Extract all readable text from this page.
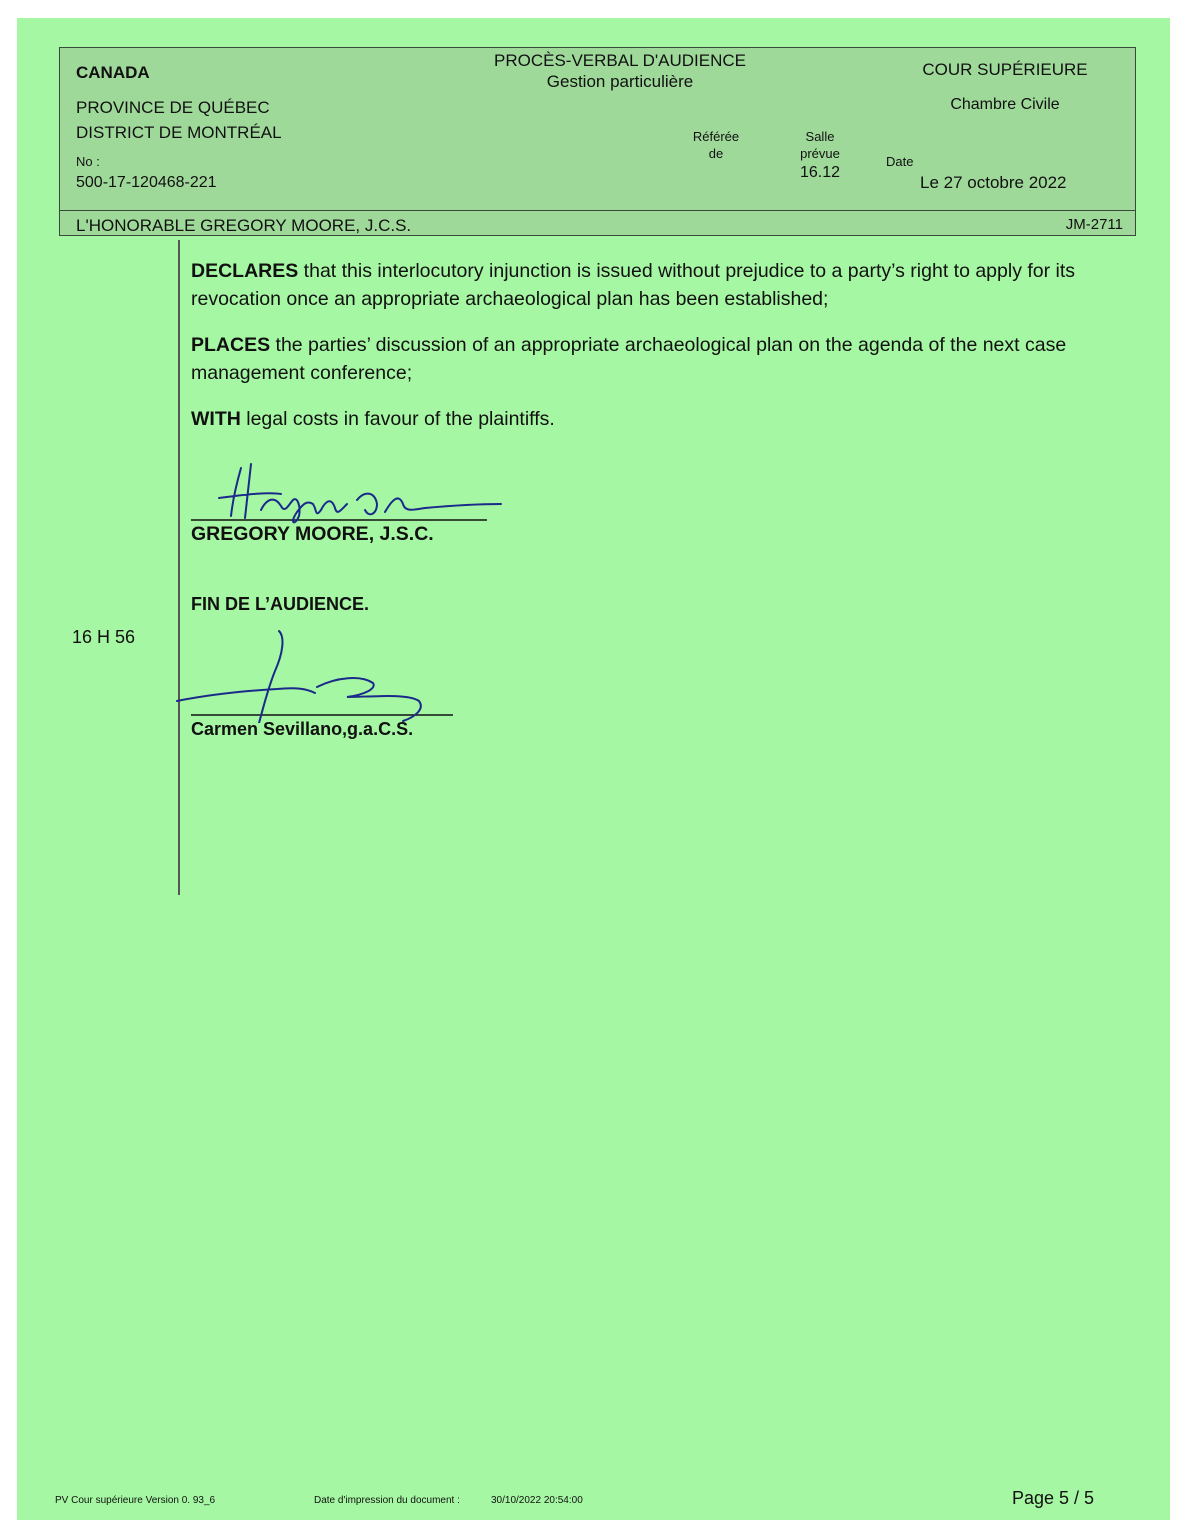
CANADA
PROCÈS-VERBAL D'AUDIENCE
Gestion particulière
COUR SUPÉRIEURE
PROVINCE DE QUÉBEC	Chambre Civile
DISTRICT DE MONTRÉAL	Référée
de
Salle
prévue
16.12
No :	Date
500-17-120468-221	Le 27 octobre 2022
L'HONORABLE GREGORY MOORE, J.C.S.	JM-2711
DECLARES that this interlocutory injunction is issued without prejudice to a party’s right to apply for its revocation once an appropriate archaeological plan has been established;
PLACES the parties’ discussion of an appropriate archaeological plan on the agenda of the next case management conference;
WITH legal costs in favour of the plaintiffs.
GREGORY MOORE, J.S.C.
FIN DE L’AUDIENCE.
16 H 56
Carmen Sevillano,g.a.C.S.
PV Cour supérieure Version 0. 93_6	Date d'impression du document :	30/10/2022 20:54:00	Page 5 / 5
